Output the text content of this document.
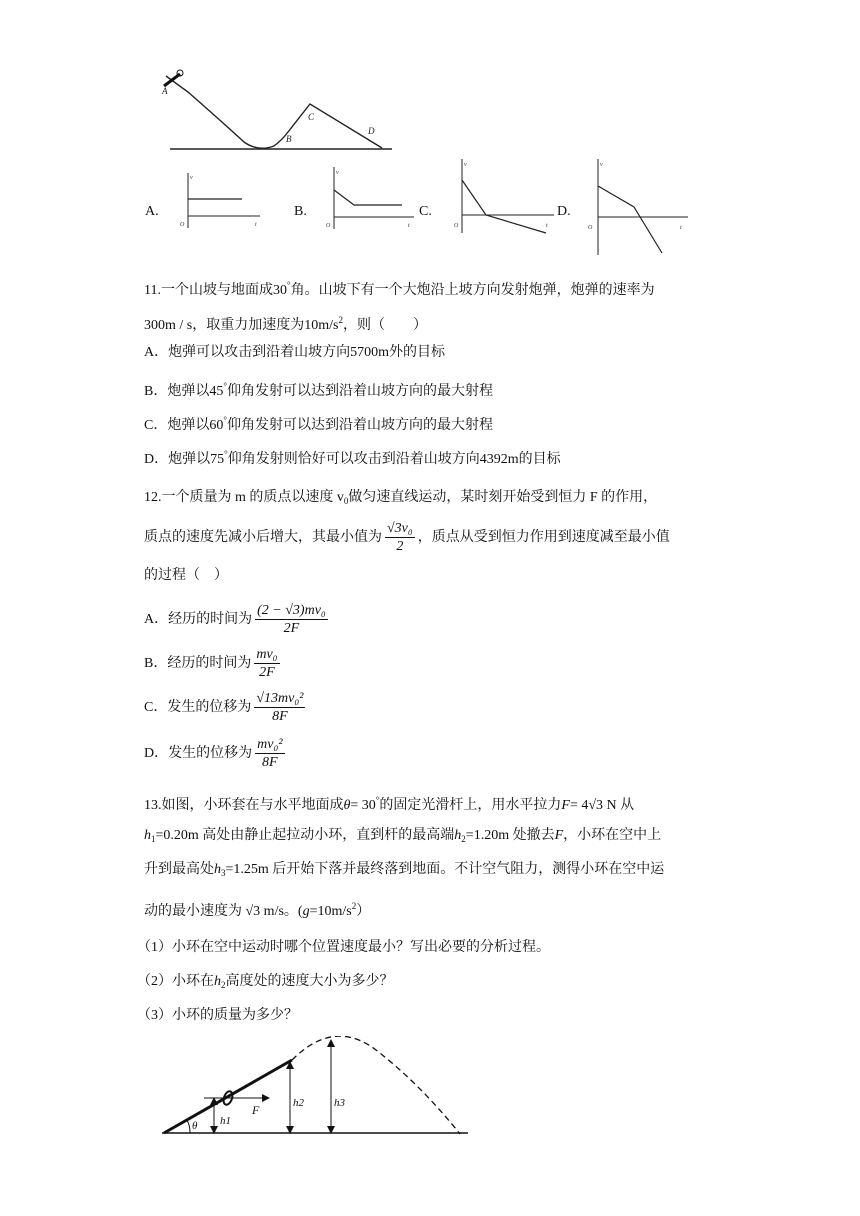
A
B
C
D
A.
v
O	t
B.
v
O	t
C.
v
O	t
D.
v
O	t
11.一个山坡与地面成30°角。山坡下有一个大炮沿上坡方向发射炮弹，炮弹的速率为
300m / s，取重力加速度为$10m/s^2$，则（　　）
A．炮弹可以攻击到沿着山坡方向5700m外的目标
B．炮弹以45°仰角发射可以达到沿着山坡方向的最大射程
C．炮弹以60°仰角发射可以达到沿着山坡方向的最大射程
D．炮弹以75°仰角发射则恰好可以攻击到沿着山坡方向4392m的目标
12.一个质量为 m 的质点以速度 $v_0$做匀速直线运动，某时刻开始受到恒力 F 的作用，
质点的速度先减小后增大，其最小值为 $\frac{\text{√3v₀}}{2}$ ，质点从受到恒力作用到速度减至最小值
的过程（　）
A．经历的时间为 $\frac{\text{(2 − √3)mv₀}}{2F}$
B．经历的时间为 $\frac{\text{mv₀}}{2F}$
C．发生的位移为 $\frac{\text{√13mv₀²}}{8F}$
D．发生的位移为 $\frac{\text{mv₀²}}{8F}$
13.如图，小环套在与水平地面成θ= 30°的固定光滑杆上，用水平拉力F= 4√3 N 从
$h_1=0.20m$ 高处由静止起拉动小环，直到杆的最高端$h_2=1.20m$ 处撤去F，小环在空中上
升到最高处$h_3=1.25m$ 后开始下落并最终落到地面。不计空气阻力，测得小环在空中运
动的最小速度为 √3 m/s。$(g=10m/s^2)$
（1）小环在空中运动时哪个位置速度最小？写出必要的分析过程。
（2）小环在$h_2$高度处的速度大小为多少？
（3）小环的质量为多少？
F
θ h1
h2	h3
